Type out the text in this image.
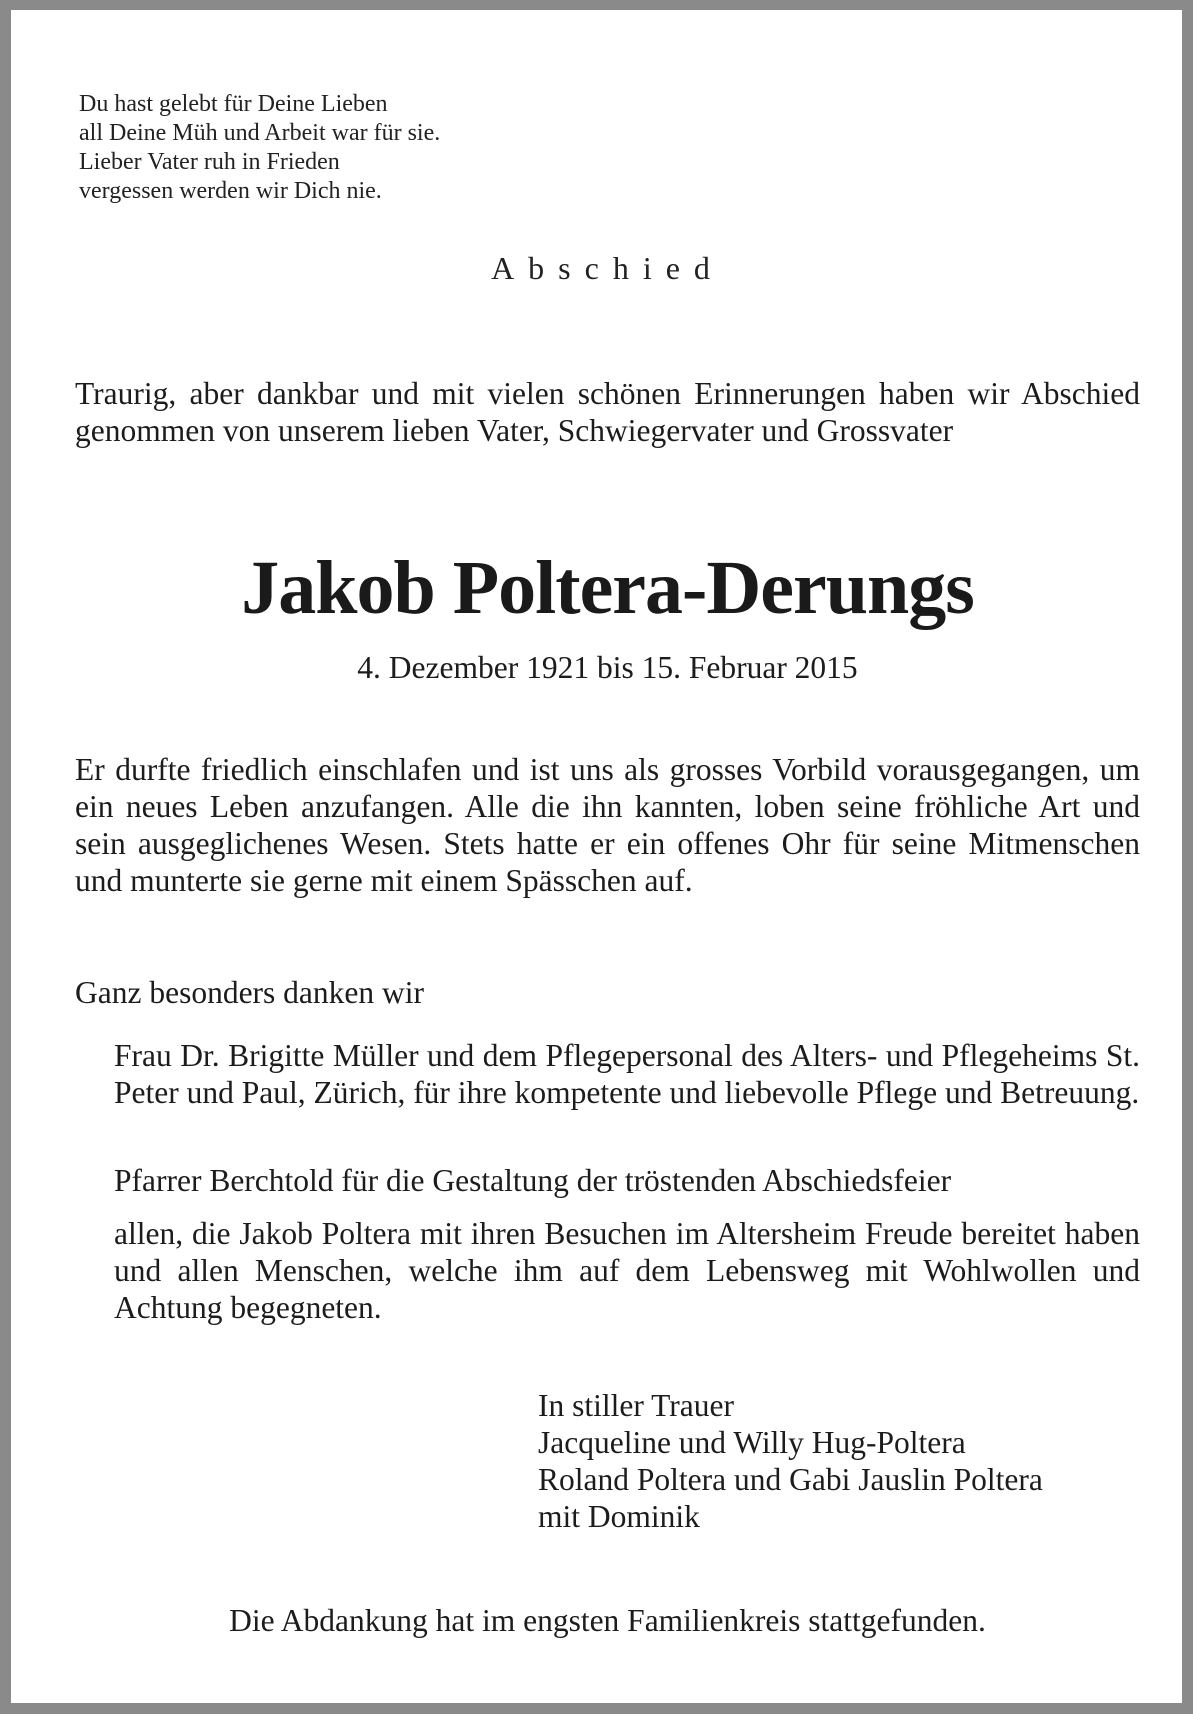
Du hast gelebt für Deine Lieben
all Deine Müh und Arbeit war für sie.
Lieber Vater ruh in Frieden
vergessen werden wir Dich nie.
Abschied
Traurig, aber dankbar und mit vielen schönen Erinnerungen haben wir Abschied genommen von unserem lieben Vater, Schwiegervater und Grossvater
Jakob Poltera-Derungs
4. Dezember 1921 bis 15. Februar 2015
Er durfte friedlich einschlafen und ist uns als grosses Vorbild vorausgegangen, um ein neues Leben anzufangen. Alle die ihn kannten, loben seine fröhliche Art und sein ausgeglichenes Wesen. Stets hatte er ein offenes Ohr für seine Mitmenschen und munterte sie gerne mit einem Spässchen auf.
Ganz besonders danken wir
Frau Dr. Brigitte Müller und dem Pflegepersonal des Alters- und Pflegeheims St. Peter und Paul, Zürich, für ihre kompetente und liebevolle Pflege und Betreuung.
Pfarrer Berchtold für die Gestaltung der tröstenden Abschiedsfeier
allen, die Jakob Poltera mit ihren Besuchen im Altersheim Freude bereitet haben und allen Menschen, welche ihm auf dem Lebensweg mit Wohlwollen und Achtung begegneten.
In stiller Trauer
Jacqueline und Willy Hug-Poltera
Roland Poltera und Gabi Jauslin Poltera
mit Dominik
Die Abdankung hat im engsten Familienkreis stattgefunden.
